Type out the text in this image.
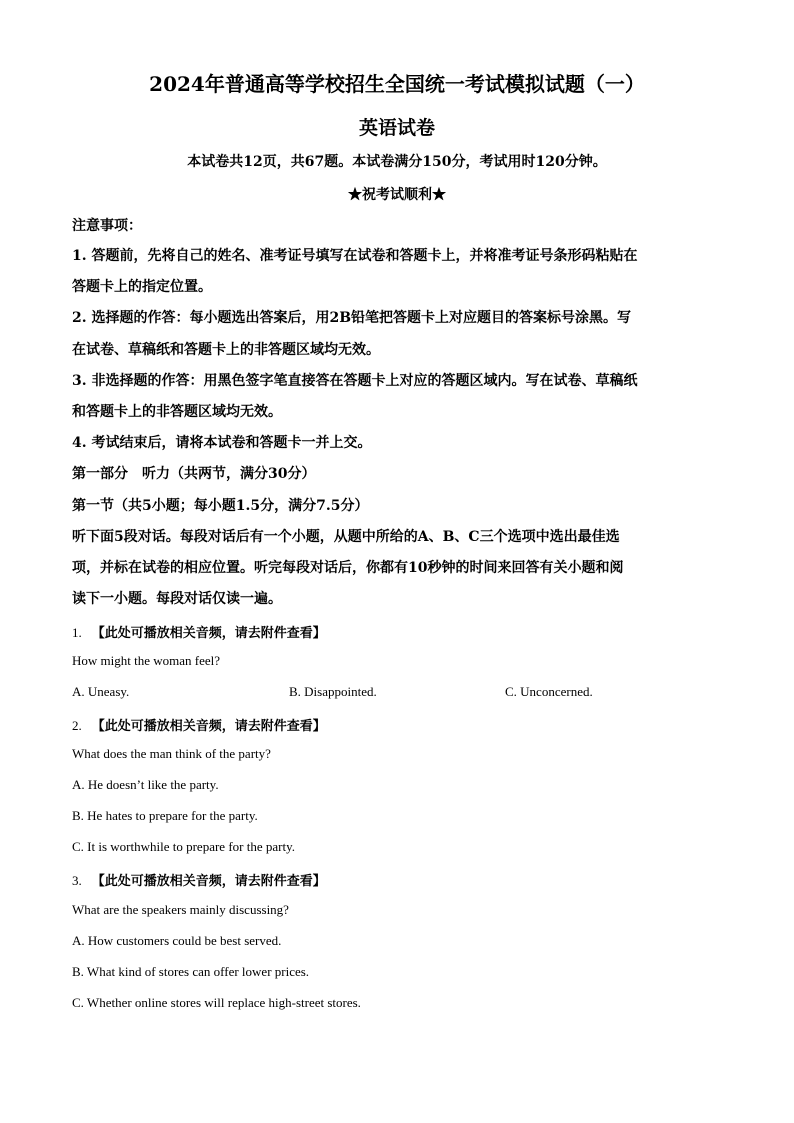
2024年普通高等学校招生全国统一考试模拟试题（一）
英语试卷
本试卷共12页，共67题。本试卷满分150分，考试用时120分钟。
★祝考试顺利★
注意事项：
1. 答题前，先将自己的姓名、准考证号填写在试卷和答题卡上，并将准考证号条形码粘贴在
答题卡上的指定位置。
2. 选择题的作答：每小题选出答案后，用2B铅笔把答题卡上对应题目的答案标号涂黑。写
在试卷、草稿纸和答题卡上的非答题区域均无效。
3. 非选择题的作答：用黑色签字笔直接答在答题卡上对应的答题区域内。写在试卷、草稿纸
和答题卡上的非答题区域均无效。
4. 考试结束后，请将本试卷和答题卡一并上交。
第一部分　听力（共两节，满分30分）
第一节（共5小题；每小题1.5分，满分7.5分）
听下面5段对话。每段对话后有一个小题，从题中所给的A、B、C三个选项中选出最佳选
项，并标在试卷的相应位置。听完每段对话后，你都有10秒钟的时间来回答有关小题和阅
读下一小题。每段对话仅读一遍。
1. 【此处可播放相关音频，请去附件查看】
How might the woman feel?
A. Uneasy.	B. Disappointed.	C. Unconcerned.
2. 【此处可播放相关音频，请去附件查看】
What does the man think of the party?
A. He doesn’t like the party.
B. He hates to prepare for the party.
C. It is worthwhile to prepare for the party.
3. 【此处可播放相关音频，请去附件查看】
What are the speakers mainly discussing?
A. How customers could be best served.
B. What kind of stores can offer lower prices.
C. Whether online stores will replace high-street stores.
